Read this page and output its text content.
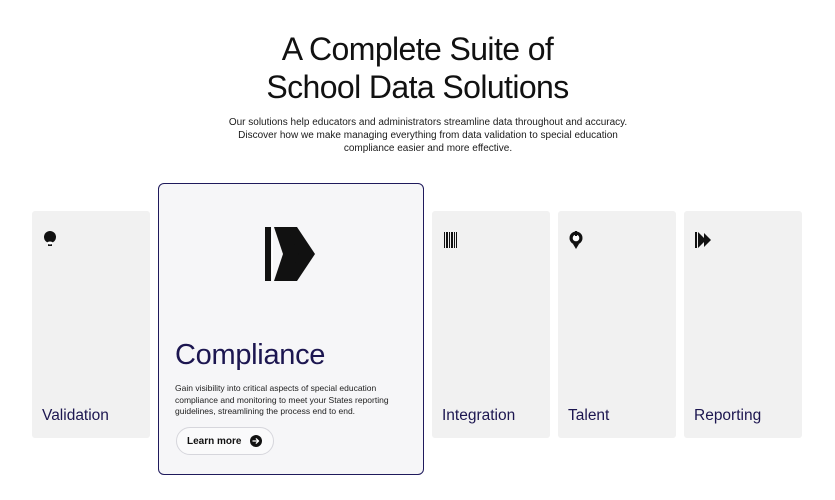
A Complete Suite of
School Data Solutions
Our solutions help educators and administrators streamline data throughout and accuracy.
Discover how we make managing everything from data validation to special education
compliance easier and more effective.
Validation
Compliance
Gain visibility into critical aspects of special education
compliance and monitoring to meet your States reporting
guidelines, streamlining the process end to end.
Learn more
Integration	Talent	Reporting
